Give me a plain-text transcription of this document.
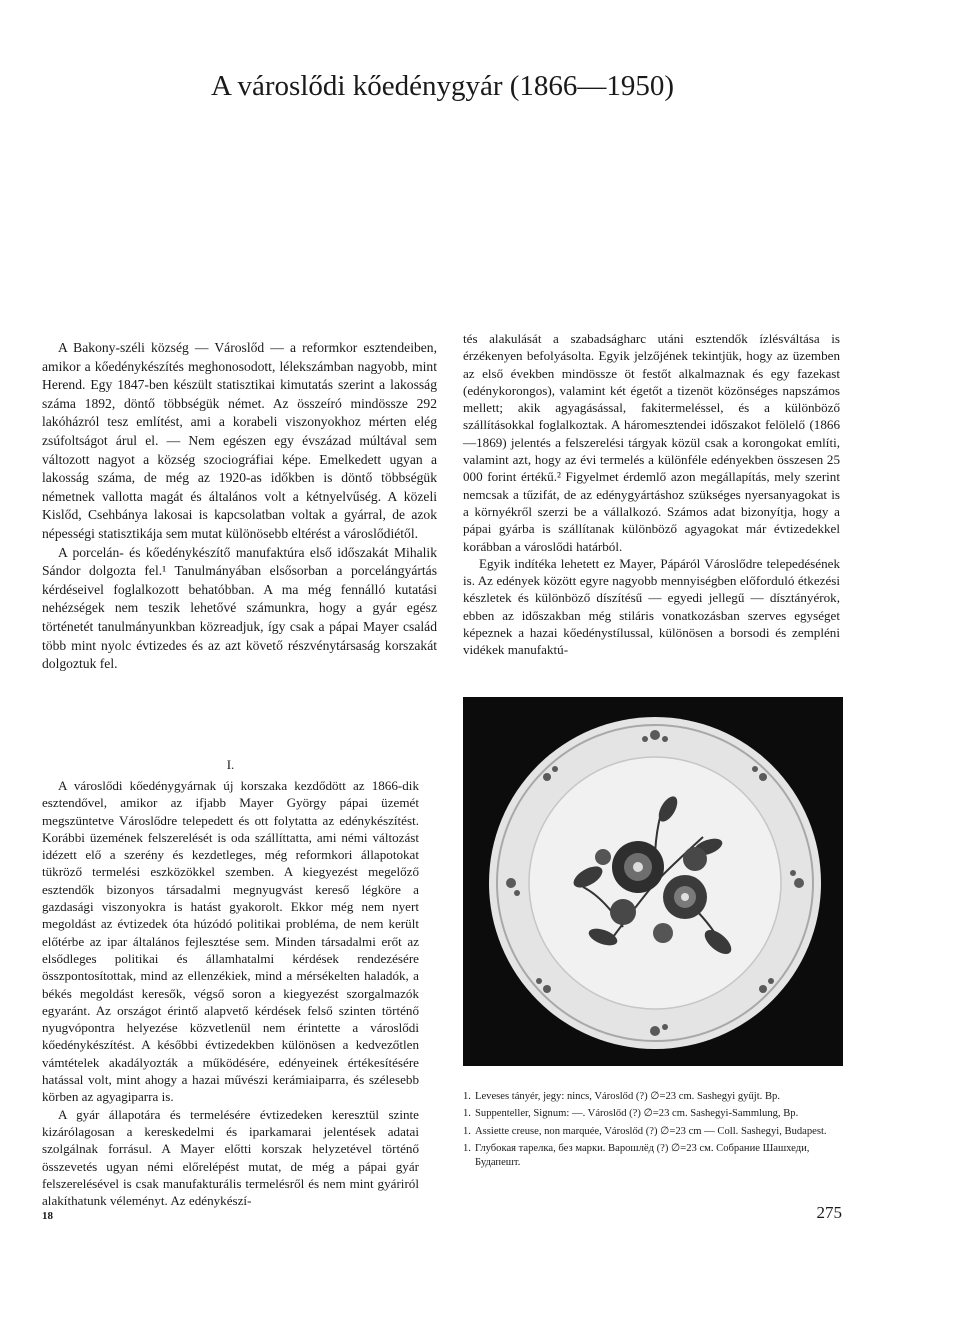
A városlődi kőedénygyár (1866—1950)

A Bakony-széli község — Városlőd — a reformkor esztendeiben, amikor a kőedénykészítés meghonosodott, lélekszámban nagyobb, mint Herend. Egy 1847-ben készült statisztikai kimutatás szerint a lakosság száma 1892, döntő többségük német. Az összeíró mindössze 292 lakóházról tesz említést, ami a korabeli viszonyokhoz mérten elég zsúfoltságot árul el. — Nem egészen egy évszázad múltával sem változott nagyot a község szociográfiai képe. Emelkedett ugyan a lakosság száma, de még az 1920-as időkben is döntő többségük németnek vallotta magát és általános volt a kétnyelvűség. A közeli Kislőd, Csehbánya lakosai is kapcsolatban voltak a gyárral, de azok népességi statisztikája sem mutat különösebb eltérést a városlődiétől.

A porcelán- és kőedénykészítő manufaktúra első időszakát Mihalik Sándor dolgozta fel.¹ Tanulmányában elsősorban a porcelángyártás kérdéseivel foglalkozott behatóbban. A ma még fennálló kutatási nehézségek nem teszik lehetővé számunkra, hogy a gyár egész történetét tanulmányunkban közreadjuk, így csak a pápai Mayer család több mint nyolc évtizedes és az azt követő részvénytársaság korszakát dolgoztuk fel.

I.

A városlődi kőedénygyárnak új korszaka kezdődött az 1866-dik esztendővel, amikor az ifjabb Mayer György pápai üzemét megszüntetve Városlődre telepedett és ott folytatta az edénykészítést. Korábbi üzemének felszerelését is oda szállíttatta, ami némi változást idézett elő a szerény és kezdetleges, még reformkori állapotokat tükröző termelési eszközökkel szemben. A kiegyezést megelőző esztendők bizonyos társadalmi megnyugvást kereső légköre a gazdasági viszonyokra is hatást gyakorolt. Ekkor még nem nyert megoldást az évtizedek óta húzódó politikai probléma, de nem került előtérbe az ipar általános fejlesztése sem. Minden társadalmi erőt az elsődleges politikai és államhatalmi kérdések rendezésére összpontosítottak, mind az ellenzékiek, mind a mérsékelten haladók, a békés megoldást keresők, végső soron a kiegyezést szorgalmazók egyaránt. Az országot érintő alapvető kérdések felső szinten történő nyugvópontra helyezése közvetlenül nem érintette a városlődi kőedénykészítést. A későbbi évtizedekben különösen a kedvezőtlen vámtételek akadályozták a működésére, edényeinek értékesítésére hatással volt, mint ahogy a hazai művészi kerámiaiparra, és szélesebb körben az agyagiparra is.

A gyár állapotára és termelésére évtizedeken keresztül szinte kizárólagosan a kereskedelmi és iparkamarai jelentések adatai szolgálnak forrásul. A Mayer előtti korszak helyzetével történő összevetés ugyan némi előrelépést mutat, de még a pápai gyár felszerelésével is csak manufakturális termelésről és nem mint gyáriról alakíthatunk véleményt. Az edénykészí-

tés alakulását a szabadságharc utáni esztendők ízlésváltása is érzékenyen befolyásolta. Egyik jelzőjének tekintjük, hogy az üzemben az első években mindössze öt festőt alkalmaznak és egy fazekast (edénykorongos), valamint két égetőt a tizenöt közönséges napszámos mellett; akik agyagásással, fakitermeléssel, és a különböző szállításokkal foglalkoztak. A háromesztendei időszakot felölelő (1866—1869) jelentés a felszerelési tárgyak közül csak a korongokat említi, valamint azt, hogy az évi termelés a különféle edényekben összesen 25 000 forint értékű.² Figyelmet érdemlő azon megállapítás, mely szerint nemcsak a tűzifát, de az edénygyártáshoz szükséges nyersanyagokat is a környékről szerzi be a vállalkozó. Számos adat bizonyítja, hogy a pápai gyárba is szállítanak különböző agyagokat már évtizedekkel korábban a városlődi határból.

Egyik indítéka lehetett ez Mayer, Pápáról Városlődre telepedésének is. Az edények között egyre nagyobb mennyiségben előforduló étkezési készletek és különböző díszítésű — egyedi jellegű — dísztányérok, ebben az időszakban még stiláris vonatkozásban szerves egységet képeznek a hazai kőedénystílussal, különösen a borsodi és zempléni vidékek manufaktú-

1. Leveses tányér, jegy: nincs, Városlőd (?) ∅=23 cm. Sashegyi gyűjt. Bp.
1. Suppenteller, Signum: —. Városlőd (?) ∅=23 cm. Sashegyi-Sammlung, Bp.
1. Assiette creuse, non marquée, Városlőd (?) ∅=23 cm — Coll. Sashegyi, Budapest.
1. Глубокая тарелка, без марки. Варошлёд (?) ∅=23 см. Собрание Шашхеди, Будапешт.
18	275
